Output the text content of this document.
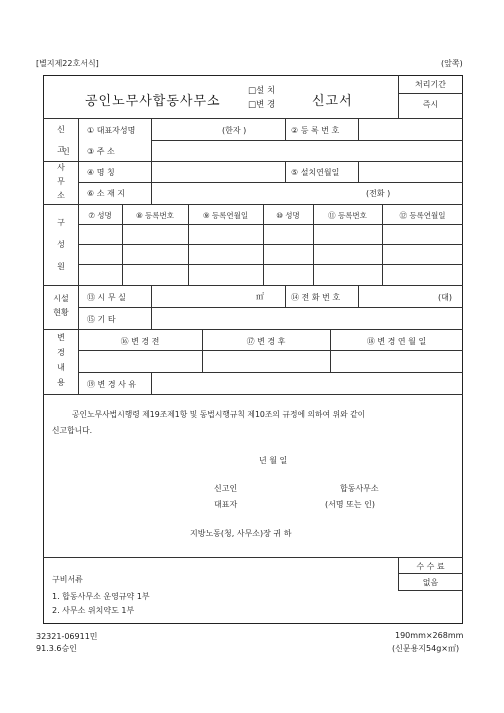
[별지제22호서식]	(앞쪽)
공인노무사합동사무소
□설 치
□변 경	신고서
처리기간
즉시
신
고
① 대표자성명	(한자 )	② 등 록 번 호
③ 주 소
인
사
무
소
④ 명 칭	⑤ 설치연월일
⑥ 소 재 지	(전화 )
구
성
원
⑦ 성명	⑧ 등록번호	⑨ 등록연월일	⑩ 성명	⑪ 등록번호	⑫ 등록연월일
시설
현황
⑬ 시 무 실	㎡	⑭ 전 화 번 호	(대)
⑮ 기 타
변
경
내
용
⑯ 변 경 전	⑰ 변 경 후	⑱ 변 경 연 월 일
⑲ 변 경 사 유
공인노무사법시행령 제19조제1항 및 동법시행규칙 제10조의 규정에 의하여 위와 같이
신고합니다.
년 월 일
신고인	합동사무소
대표자	(서명 또는 인)
지방노동(청, 사무소)장 귀 하
수 수 료
없음
구비서류
1. 합동사무소 운영규약 1부
2. 사무소 위치약도 1부
32321-06911민
91.3.6승인
190mm×268mm
(신문용지54g×㎡)
